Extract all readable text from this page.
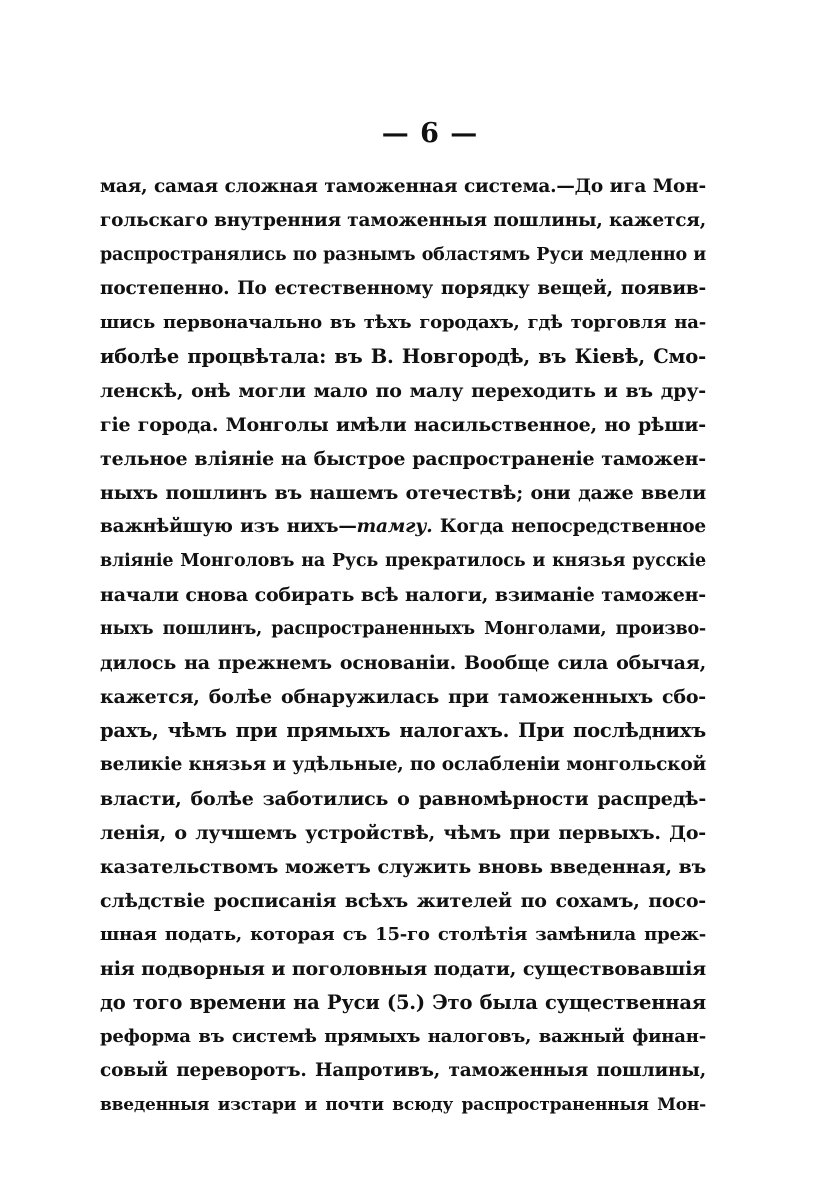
— 6 —
мая, самая сложная таможенная система.—До ига Мон-
гольскаго внутренния таможенныя пошлины, кажется,
распространялись по разнымъ областямъ Руси медленно и
постепенно. По естественному порядку вещей, появив-
шись первоначально въ тѣхъ городахъ, гдѣ торговля на-
иболѣе процвѣтала: въ В. Новгородѣ, въ Кіевѣ, Смо-
ленскѣ, онѣ могли мало по малу переходить и въ дру-
гіе города. Монголы имѣли насильственное, но рѣши-
тельное вліяніе на быстрое распространеніе таможен-
ныхъ пошлинъ въ нашемъ отечествѣ; они даже ввели
важнѣйшую изъ нихъ—тамгу. Когда непосредственное
вліяніе Монголовъ на Русь прекратилось и князья русскіе
начали снова собирать всѣ налоги, взиманіе таможен-
ныхъ пошлинъ, распространенныхъ Монголами, произво-
дилось на прежнемъ основаніи. Вообще сила обычая,
кажется, болѣе обнаружилась при таможенныхъ сбо-
рахъ, чѣмъ при прямыхъ налогахъ. При послѣднихъ
великіе князья и удѣльные, по ослабленіи монгольской
власти, болѣе заботились о равномѣрности распредѣ-
ленія, о лучшемъ устройствѣ, чѣмъ при первыхъ. До-
казательствомъ можетъ служить вновь введенная, въ
слѣдствіе росписанія всѣхъ жителей по сохамъ, посо-
шная подать, которая съ 15-го столѣтія замѣнила преж-
нія подворныя и поголовныя подати, существовавшія
до того времени на Руси (5.) Это была существенная
реформа въ системѣ прямыхъ налоговъ, важный финан-
совый переворотъ. Напротивъ, таможенныя пошлины,
введенныя изстари и почти всюду распространенныя Мон-
